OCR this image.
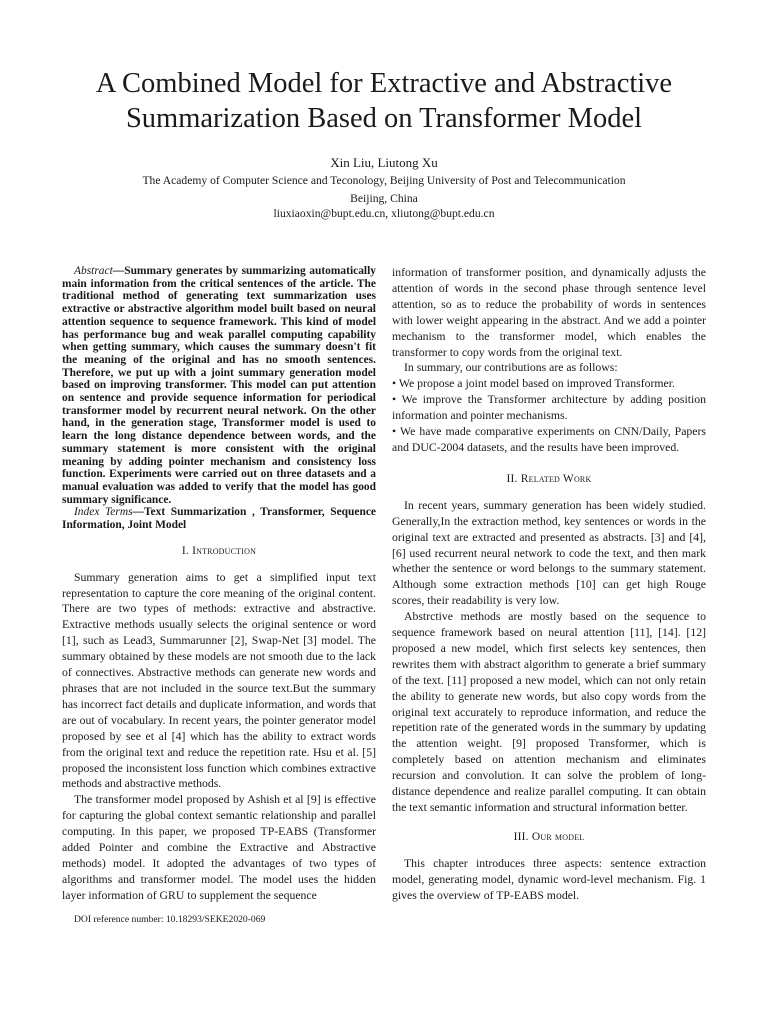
A Combined Model for Extractive and Abstractive
Summarization Based on Transformer Model
Xin Liu, Liutong Xu
The Academy of Computer Science and Teconology, Beijing University of Post and Telecommunication
Beijing, China
liuxiaoxin@bupt.edu.cn, xliutong@bupt.edu.cn

Abstract—Summary generates by summarizing automatically main information from the critical sentences of the article. The traditional method of generating text summarization uses extractive or abstractive algorithm model built based on neural attention sequence to sequence framework. This kind of model has performance bug and weak parallel computing capability when getting summary, which causes the summary doesn't fit the meaning of the original and has no smooth sentences. Therefore, we put up with a joint summary generation model based on improving transformer. This model can put attention on sentence and provide sequence information for periodical transformer model by recurrent neural network. On the other hand, in the generation stage, Transformer model is used to learn the long distance dependence between words, and the summary statement is more consistent with the original meaning by adding pointer mechanism and consistency loss function. Experiments were carried out on three datasets and a manual evaluation was added to verify that the model has good summary significance.

Index Terms—Text Summarization , Transformer, Sequence Information, Joint Model

I. Introduction

Summary generation aims to get a simplified input text representation to capture the core meaning of the original content. There are two types of methods: extractive and abstractive. Extractive methods usually selects the original sentence or word [1], such as Lead3, Summarunner [2], Swap-Net [3] model. The summary obtained by these models are not smooth due to the lack of connectives. Abstractive methods can generate new words and phrases that are not included in the source text.But the summary has incorrect fact details and duplicate information, and words that are out of vocabulary. In recent years, the pointer generator model proposed by see et al [4] which has the ability to extract words from the original text and reduce the repetition rate. Hsu et al. [5] proposed the inconsistent loss function which combines extractive methods and abstractive methods.

The transformer model proposed by Ashish et al [9] is effective for capturing the global context semantic relationship and parallel computing. In this paper, we proposed TP-EABS (Transformer added Pointer and combine the Extractive and Abstractive methods) model. It adopted the advantages of two types of algorithms and transformer model. The model uses the hidden layer information of GRU to supplement the sequence

information of transformer position, and dynamically adjusts the attention of words in the second phase through sentence level attention, so as to reduce the probability of words in sentences with lower weight appearing in the abstract. And we add a pointer mechanism to the transformer model, which enables the transformer to copy words from the original text.

In summary, our contributions are as follows:

• We propose a joint model based on improved Transformer.

• We improve the Transformer architecture by adding position information and pointer mechanisms.

• We have made comparative experiments on CNN/Daily, Papers and DUC-2004 datasets, and the results have been improved.

II. Related Work

In recent years, summary generation has been widely studied. Generally,In the extraction method, key sentences or words in the original text are extracted and presented as abstracts. [3] and [4], [6] used recurrent neural network to code the text, and then mark whether the sentence or word belongs to the summary statement. Although some extraction methods [10] can get high Rouge scores, their readability is very low.

Abstrctive methods are mostly based on the sequence to sequence framework based on neural attention [11], [14]. [12] proposed a new model, which first selects key sentences, then rewrites them with abstract algorithm to generate a brief summary of the text. [11] proposed a new model, which can not only retain the ability to generate new words, but also copy words from the original text accurately to reproduce information, and reduce the repetition rate of the generated words in the summary by updating the attention weight. [9] proposed Transformer, which is completely based on attention mechanism and eliminates recursion and convolution. It can solve the problem of long-distance dependence and realize parallel computing. It can obtain the text semantic information and structural information better.

III. Our model

This chapter introduces three aspects: sentence extraction model, generating model, dynamic word-level mechanism. Fig. 1 gives the overview of TP-EABS model.

DOI reference number: 10.18293/SEKE2020-069
